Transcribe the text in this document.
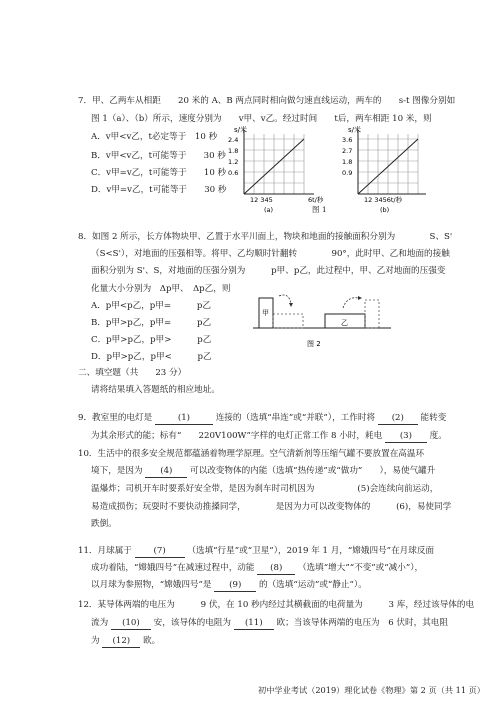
7．甲、乙两车从相距　　20 米的 A、B 两点同时相向做匀速直线运动，两车的　　s-t 图像分别如
图 1（a）、（b）所示，速度分别为　　v甲、v乙。经过时间　　t后，两车相距 10 米，则
A．v甲<v乙，t必定等于　10 秒
B．v甲<v乙，t可能等于　　30 秒
C．v甲=v乙，t可能等于　　10 秒
D．v甲=v乙，t可能等于　　30 秒
s/米
2.4
1.8
1.2
0.6
12 345	6t/秒
(a)
s/米
3.6
2.7
1.8
0.9
12 3456t/秒
(b)
图 1
8．如图 2 所示，长方体物块甲、乙置于水平川面上，物块和地面的接触面积分别为　　　　S、S'
（S<S'），对地面的压强相等。将甲、乙均顺时针翻转　　　　90°，此时甲、乙和地面的接触
面积分别为 S'、S，对地面的压强分别为　　　p甲、p乙，此过程中，甲、乙对地面的压强变
化量大小分别为　Δp甲、　Δp乙，则
A．p甲<p乙，p甲=　　　p乙
B．p甲>p乙，p甲=　　　p乙
C．p甲>p乙，p甲>　　　p乙
D．p甲>p乙，p甲<　　　p乙
甲
乙
图 2
二、填空题（共　　23 分）
请将结果填入答题纸的相应地址。
9．教室里的电灯是	(1)	连接的（选填“串连”或“并联”），工作时将 (2) 能转变
为其余形式的能；标有“　　220V100W”字样的电灯正常工作 8 小时，耗电 (3) 度。
10．生活中的很多安全规范都蕴涵着物理学原理。空气清新剂等压缩气罐不要放置在高温环
境下，是因为 (4) 可以改变物体的内能（选填“热传递”或“做功”　　），易使气罐升
温爆炸；司机开车时要系好安全带，是因为刹车时司机因为　　　　　(5)会连续向前运动，
易造成损伤；玩耍时不要快动推搡同学，　　　　是因为力可以改变物体的　　　(6)，易使同学
跌倒。
11．月球属于	(7)	（选填“行星”或“卫星”），2019 年 1 月，“嫦娥四号”在月球反面
成功着陆，“嫦娥四号”在减速过程中，动能 (8) （选填“增大”“不变”或“减小”），
以月球为参照物，“嫦娥四号”是 (9) 的（选填“运动”或“静止”）。
12．某导体两端的电压为　　　9 伏，在 10 秒内经过其横截面的电荷量为　　　3 库，经过该导体的电
流为 (10) 安，该导体的电阻为 (11) 欧；当该导体两端的电压为　6 伏时，其电阻
为 (12) 欧。
初中学业考试（2019）理化试卷《物理》第 2 页（共 11 页）
